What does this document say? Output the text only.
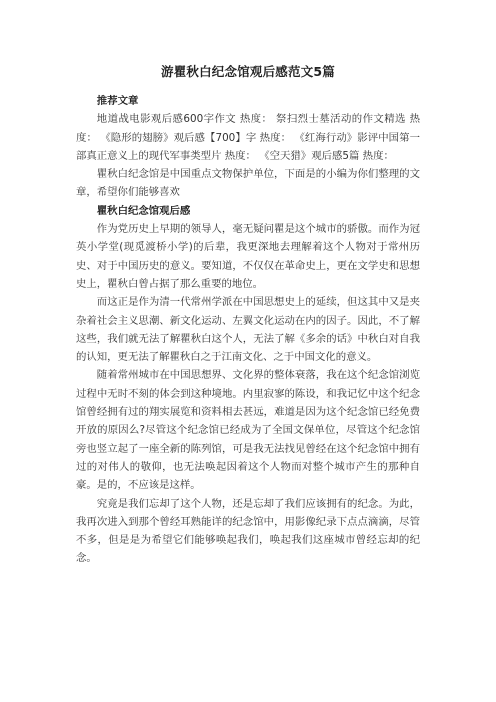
游瞿秋白纪念馆观后感范文5篇

推荐文章

地道战电影观后感600字作文 热度： 祭扫烈士墓活动的作文精选 热度： 《隐形的翅膀》观后感【700】字 热度： 《红海行动》影评中国第一部真正意义上的现代军事类型片 热度： 《空天猎》观后感5篇 热度：

瞿秋白纪念馆是中国重点文物保护单位，下面是的小编为你们整理的文章，希望你们能够喜欢

瞿秋白纪念馆观后感

作为党历史上早期的领导人，毫无疑问瞿是这个城市的骄傲。而作为冠英小学堂(现觅渡桥小学)的后辈，我更深地去理解着这个人物对于常州历史、对于中国历史的意义。要知道，不仅仅在革命史上，更在文学史和思想史上，瞿秋白曾占据了那么重要的地位。

而这正是作为清一代常州学派在中国思想史上的延续，但这其中又是夹杂着社会主义思潮、新文化运动、左翼文化运动在内的因子。因此，不了解这些，我们就无法了解瞿秋白这个人，无法了解《多余的话》中秋白对自我的认知，更无法了解瞿秋白之于江南文化、之于中国文化的意义。

随着常州城市在中国思想界、文化界的整体衰落，我在这个纪念馆浏览过程中无时不刻的体会到这种境地。内里寂寥的陈设，和我记忆中这个纪念馆曾经拥有过的翔实展览和资料相去甚远，难道是因为这个纪念馆已经免费开放的原因么?尽管这个纪念馆已经成为了全国文保单位，尽管这个纪念馆旁也竖立起了一座全新的陈列馆，可是我无法找见曾经在这个纪念馆中拥有过的对伟人的敬仰，也无法唤起因着这个人物而对整个城市产生的那种自豪。是的，不应该是这样。

究竟是我们忘却了这个人物，还是忘却了我们应该拥有的纪念。为此，我再次进入到那个曾经耳熟能详的纪念馆中，用影像纪录下点点滴滴，尽管不多，但是是为希望它们能够唤起我们，唤起我们这座城市曾经忘却的纪念。
